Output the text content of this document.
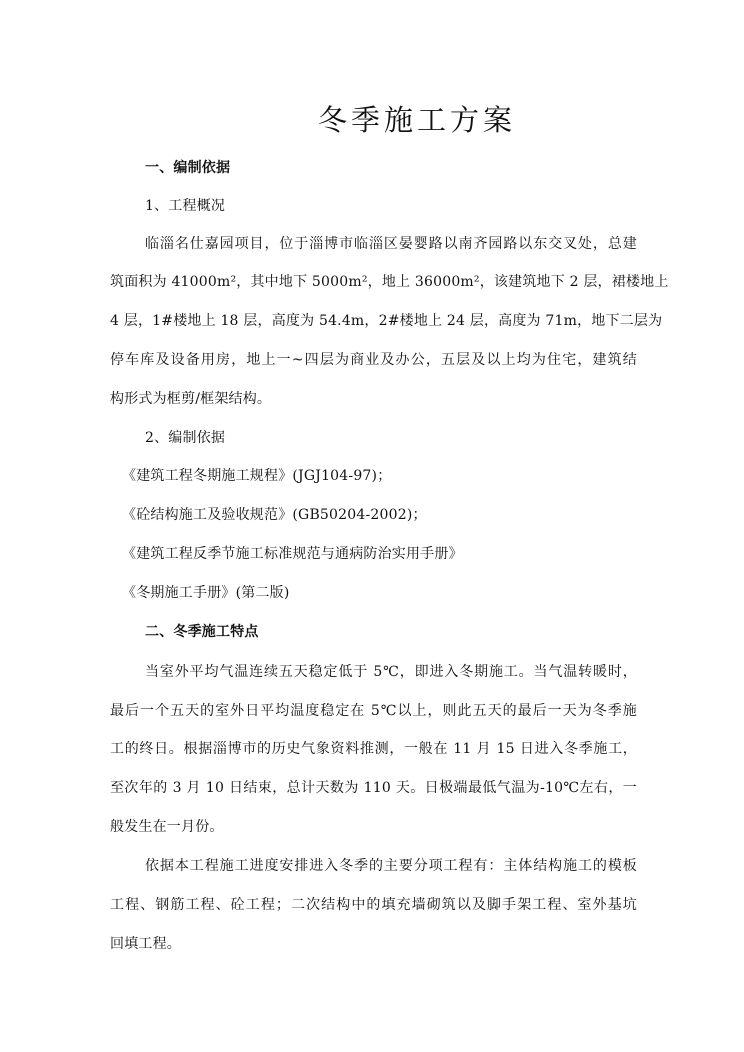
冬季施工方案
一、编制依据
1、工程概况
临淄名仕嘉园项目，位于淄博市临淄区晏婴路以南齐园路以东交叉处，总建
筑面积为 41000m²，其中地下 5000m²，地上 36000m²，该建筑地下 2 层，裙楼地上
4 层，1#楼地上 18 层，高度为 54.4m，2#楼地上 24 层，高度为 71m，地下二层为
停车库及设备用房，地上一~四层为商业及办公，五层及以上均为住宅，建筑结
构形式为框剪/框架结构。
2、编制依据
《建筑工程冬期施工规程》(JGJ104-97)；
《砼结构施工及验收规范》(GB50204-2002)；
《建筑工程反季节施工标准规范与通病防治实用手册》
《冬期施工手册》(第二版)
二、冬季施工特点
当室外平均气温连续五天稳定低于 5℃，即进入冬期施工。当气温转暖时，
最后一个五天的室外日平均温度稳定在 5℃以上，则此五天的最后一天为冬季施
工的终日。根据淄博市的历史气象资料推测，一般在 11 月 15 日进入冬季施工，
至次年的 3 月 10 日结束，总计天数为 110 天。日极端最低气温为-10℃左右，一
般发生在一月份。
依据本工程施工进度安排进入冬季的主要分项工程有：主体结构施工的模板
工程、钢筋工程、砼工程；二次结构中的填充墙砌筑以及脚手架工程、室外基坑
回填工程。
